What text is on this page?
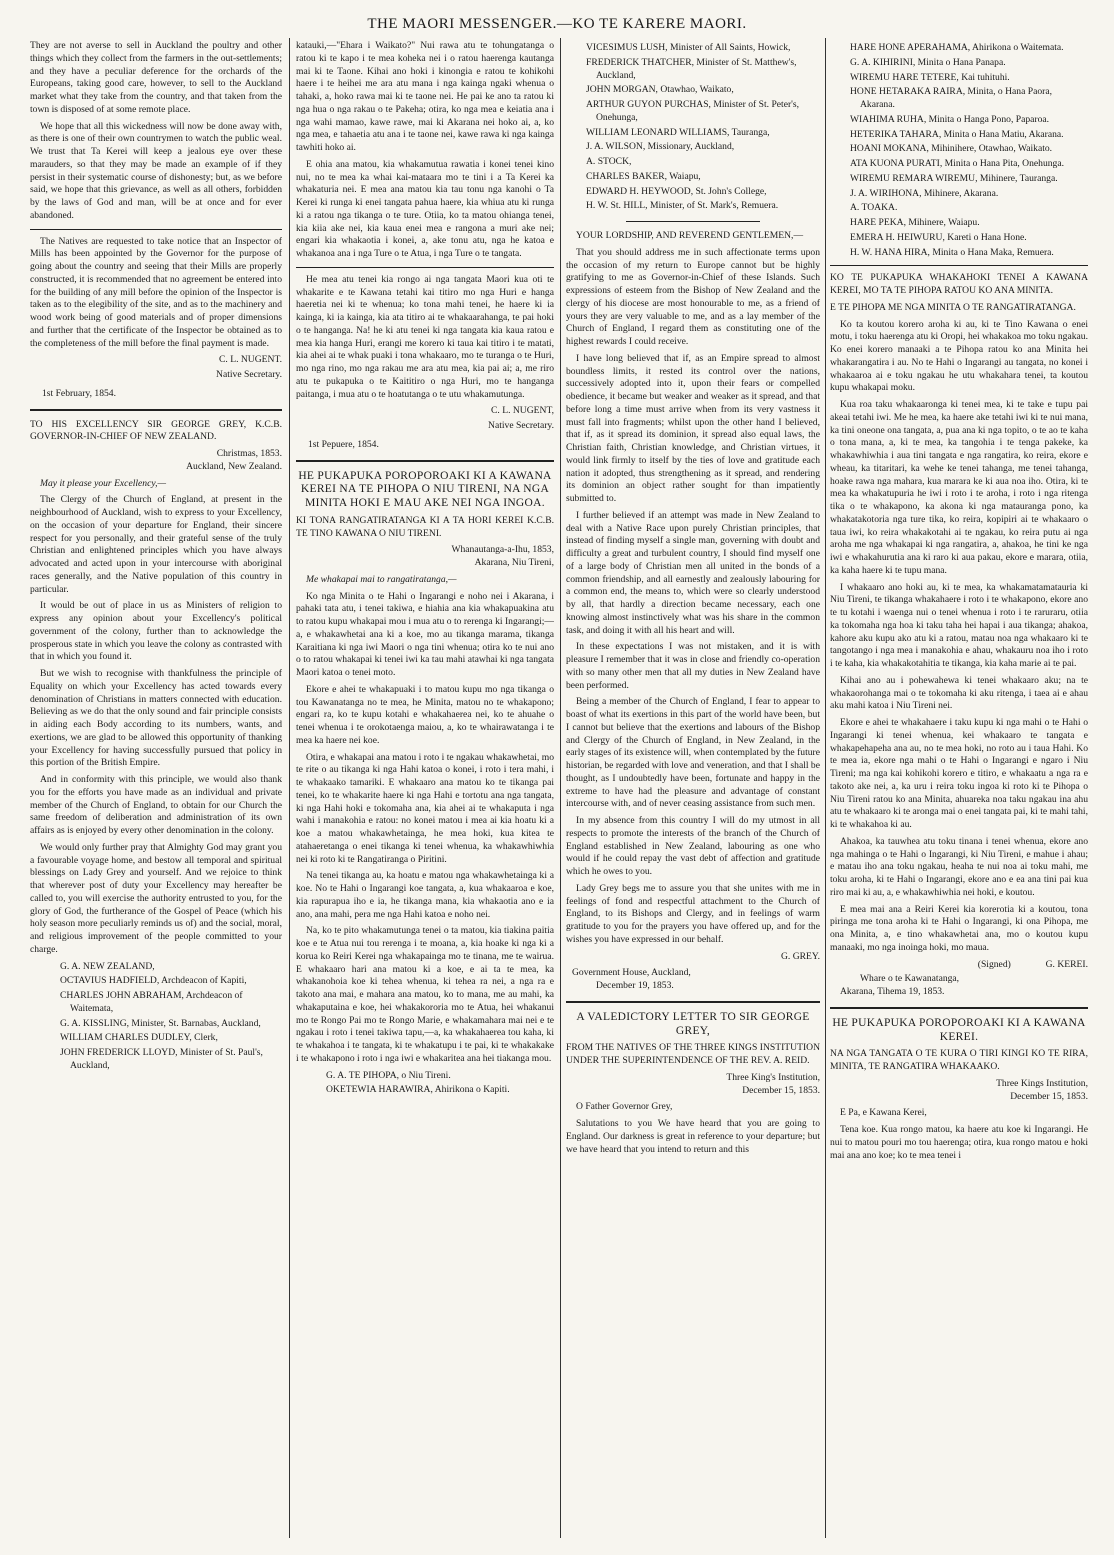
THE MAORI MESSENGER.—KO TE KARERE MAORI.

They are not averse to sell in Auckland the poultry and other things which they collect from the farmers in the out-settlements; and they have a peculiar deference for the orchards of the Europeans, taking good care, however, to sell to the Auckland market what they take from the country, and that taken from the town is disposed of at some remote place.

We hope that all this wickedness will now be done away with, as there is one of their own countrymen to watch the public weal. We trust that Ta Kerei will keep a jealous eye over these marauders, so that they may be made an example of if they persist in their systematic course of dishonesty; but, as we before said, we hope that this grievance, as well as all others, forbidden by the laws of God and man, will be at once and for ever abandoned.

The Natives are requested to take notice that an Inspector of Mills has been appointed by the Governor for the purpose of going about the country and seeing that their Mills are properly constructed, it is recommended that no agreement be entered into for the building of any mill before the opinion of the Inspector is taken as to the elegibility of the site, and as to the machinery and wood work being of good materials and of proper dimensions and further that the certificate of the Inspector be obtained as to the completeness of the mill before the final payment is made.

C. L. NUGENT.
Native Secretary.
1st February, 1854.

TO HIS EXCELLENCY SIR GEORGE GREY, K.C.B. GOVERNOR-IN-CHIEF OF NEW ZEALAND.

Christmas, 1853.
Auckland, New Zealand.

May it please your Excellency,—

The Clergy of the Church of England, at present in the neighbourhood of Auckland, wish to express to your Excellency, on the occasion of your departure for England, their sincere respect for you personally, and their grateful sense of the truly Christian and enlightened principles which you have always advocated and acted upon in your intercourse with aboriginal races generally, and the Native population of this country in particular.

It would be out of place in us as Ministers of religion to express any opinion about your Excellency's political government of the colony, further than to acknowledge the prosperous state in which you leave the colony as contrasted with that in which you found it.

But we wish to recognise with thankfulness the principle of Equality on which your Excellency has acted towards every denomination of Christians in matters connected with education. Believing as we do that the only sound and fair principle consists in aiding each Body according to its numbers, wants, and exertions, we are glad to be allowed this opportunity of thanking your Excellency for having successfully pursued that policy in this portion of the British Empire.

And in conformity with this principle, we would also thank you for the efforts you have made as an individual and private member of the Church of England, to obtain for our Church the same freedom of deliberation and administration of its own affairs as is enjoyed by every other denomination in the colony.

We would only further pray that Almighty God may grant you a favourable voyage home, and bestow all temporal and spiritual blessings on Lady Grey and yourself. And we rejoice to think that wherever post of duty your Excellency may hereafter be called to, you will exercise the authority entrusted to you, for the glory of God, the furtherance of the Gospel of Peace (which his holy season more peculiarly reminds us of) and the social, moral, and religious improvement of the people committed to your charge.

G. A. NEW ZEALAND,
OCTAVIUS HADFIELD, Archdeacon of Kapiti,
CHARLES JOHN ABRAHAM, Archdeacon of Waitemata,
G. A. KISSLING, Minister, St. Barnabas, Auckland,
WILLIAM CHARLES DUDLEY, Clerk,
JOHN FREDERICK LLOYD, Minister of St. Paul's, Auckland,

katauki,—"Ehara i Waikato?" Nui rawa atu te tohungatanga o ratou ki te kapo i te mea koheka nei i o ratou haerenga kautanga mai ki te Taone. Kihai ano hoki i kinongia e ratou te kohikohi haere i te heihei me ara atu mana i nga kainga ngaki whenua o tahaki, a, hoko rawa mai ki te taone nei. He pai ke ano ta ratou ki nga hua o nga rakau o te Pakeha; otira, ko nga mea e keiatia ana i nga wahi mamao, kawe rawe, mai ki Akarana nei hoko ai, a, ko nga mea, e tahaetia atu ana i te taone nei, kawe rawa ki nga kainga tawhiti hoko ai.

E ohia ana matou, kia whakamutua rawatia i konei tenei kino nui, no te mea ka whai kai-mataara mo te tini i a Ta Kerei ka whakaturia nei. E mea ana matou kia tau tonu nga kanohi o Ta Kerei ki runga ki enei tangata pahua haere, kia whiua atu ki runga ki a ratou nga tikanga o te ture. Otiia, ko ta matou ohianga tenei, kia kiia ake nei, kia kaua enei mea e rangona a muri ake nei; engari kia whakaotia i konei, a, ake tonu atu, nga he katoa e whakanoa ana i nga Ture o te Atua, i nga Ture o te tangata.

He mea atu tenei kia rongo ai nga tangata Maori kua oti te whakarite e te Kawana tetahi kai titiro mo nga Huri e hanga haeretia nei ki te whenua; ko tona mahi tenei, he haere ki ia kainga, ki ia kainga, kia ata titiro ai te whakaarahanga, te pai hoki o te hanganga. Na! he ki atu tenei ki nga tangata kia kaua ratou e mea kia hanga Huri, erangi me korero ki taua kai titiro i te matati, kia ahei ai te whak puaki i tona whakaaro, mo te turanga o te Huri, mo nga rino, mo nga rakau me ara atu mea, kia pai ai; a, me riro atu te pukapuka o te Kaititiro o nga Huri, mo te hanganga paitanga, i mua atu o te hoatutanga o te utu whakamutunga.

C. L. NUGENT,
Native Secretary.
1st Pepuere, 1854.
HE PUKAPUKA POROPOROAKI KI A KAWANA KEREI NA TE PIHOPA O NIU TIRENI, NA NGA MINITA HOKI E MAU AKE NEI NGA INGOA.

KI TONA RANGATIRATANGA KI A TA HORI KEREI K.C.B. TE TINO KAWANA O NIU TIRENI.

Whanautanga-a-Ihu, 1853,
Akarana, Niu Tireni,

Me whakapai mai to rangatiratanga,—

Ko nga Minita o te Hahi o Ingarangi e noho nei i Akarana, i pahaki tata atu, i tenei takiwa, e hiahia ana kia whakapuakina atu to ratou kupu whakapai mou i mua atu o to rerenga ki Ingarangi;—a, e whakawhetai ana ki a koe, mo au tikanga marama, tikanga Karaitiana ki nga iwi Maori o nga tini whenua; otira ko te nui ano o to ratou whakapai ki tenei iwi ka tau mahi atawhai ki nga tangata Maori katoa o tenei moto.

Ekore e ahei te whakapuaki i to matou kupu mo nga tikanga o tou Kawanatanga no te mea, he Minita, matou no te whakapono; engari ra, ko te kupu kotahi e whakahaerea nei, ko te ahuahe o tenei whenua i te orokotaenga maiou, a, ko te whairawatanga i te mea ka haere nei koe.

Otira, e whakapai ana matou i roto i te ngakau whakawhetai, mo te rite o au tikanga ki nga Hahi katoa o konei, i roto i tera mahi, i te whakaako tamariki. E whakaaro ana matou ko te tikanga pai tenei, ko te whakarite haere ki nga Hahi e tortotu ana nga tangata, ki nga Hahi hoki e tokomaha ana, kia ahei ai te whakaputa i nga wahi i manakohia e ratou: no konei matou i mea ai kia hoatu ki a koe a matou whakawhetainga, he mea hoki, kua kitea te atahaeretanga o enei tikanga ki tenei whenua, ka whakawhiwhia nei ki roto ki te Rangatiranga o Piritini.

Na tenei tikanga au, ka hoatu e matou nga whakawhetainga ki a koe. No te Hahi o Ingarangi koe tangata, a, kua whakaaroa e koe, kia rapurapua iho e ia, he tikanga mana, kia whakaotia ano e ia ano, ana mahi, pera me nga Hahi katoa e noho nei.

Na, ko te pito whakamutunga tenei o ta matou, kia tiakina paitia koe e te Atua nui tou rerenga i te moana, a, kia hoake ki nga ki a korua ko Reiri Kerei nga whakapainga mo te tinana, me te wairua. E whakaaro hari ana matou ki a koe, e ai ta te mea, ka whakanohoia koe ki tehea whenua, ki tehea ra nei, a nga ra e takoto ana mai, e mahara ana matou, ko to mana, me au mahi, ka whakaputaina e koe, hei whakakororia mo te Atua, hei whakanui mo te Rongo Pai mo te Rongo Marie, e whakamahara mai nei e te ngakau i roto i tenei takiwa tapu,—a, ka whakahaerea tou kaha, ki te whakahoa i te tangata, ki te whakatupu i te pai, ki te whakakake i te whakapono i roto i nga iwi e whakaritea ana hei tiakanga mou.

G. A. TE PIHOPA, o Niu Tireni.
OKETEWIA HARAWIRA, Ahirikona o Kapiti.
VICESIMUS LUSH, Minister of All Saints, Howick,
FREDERICK THATCHER, Minister of St. Matthew's, Auckland,
JOHN MORGAN, Otawhao, Waikato,
ARTHUR GUYON PURCHAS, Minister of St. Peter's, Onehunga,
WILLIAM LEONARD WILLIAMS, Tauranga,
J. A. WILSON, Missionary, Auckland,
A. STOCK,
CHARLES BAKER, Waiapu,
EDWARD H. HEYWOOD, St. John's College,
H. W. St. HILL, Minister, of St. Mark's, Remuera.

YOUR LORDSHIP, AND REVEREND GENTLEMEN,—

That you should address me in such affectionate terms upon the occasion of my return to Europe cannot but be highly gratifying to me as Governor-in-Chief of these Islands. Such expressions of esteem from the Bishop of New Zealand and the clergy of his diocese are most honourable to me, as a friend of yours they are very valuable to me, and as a lay member of the Church of England, I regard them as constituting one of the highest rewards I could receive.

I have long believed that if, as an Empire spread to almost boundless limits, it rested its control over the nations, successively adopted into it, upon their fears or compelled obedience, it became but weaker and weaker as it spread, and that before long a time must arrive when from its very vastness it must fall into fragments; whilst upon the other hand I believed, that if, as it spread its dominion, it spread also equal laws, the Christian faith, Christian knowledge, and Christian virtues, it would link firmly to itself by the ties of love and gratitude each nation it adopted, thus strengthening as it spread, and rendering its dominion an object rather sought for than impatiently submitted to.

I further believed if an attempt was made in New Zealand to deal with a Native Race upon purely Christian principles, that instead of finding myself a single man, governing with doubt and difficulty a great and turbulent country, I should find myself one of a large body of Christian men all united in the bonds of a common friendship, and all earnestly and zealously labouring for a common end, the means to, which were so clearly understood by all, that hardly a direction became necessary, each one knowing almost instinctively what was his share in the common task, and doing it with all his heart and will.

In these expectations I was not mistaken, and it is with pleasure I remember that it was in close and friendly co-operation with so many other men that all my duties in New Zealand have been performed.

Being a member of the Church of England, I fear to appear to boast of what its exertions in this part of the world have been, but I cannot but believe that the exertions and labours of the Bishop and Clergy of the Church of England, in New Zealand, in the early stages of its existence will, when contemplated by the future historian, be regarded with love and veneration, and that I shall be thought, as I undoubtedly have been, fortunate and happy in the extreme to have had the pleasure and advantage of constant intercourse with, and of never ceasing assistance from such men.

In my absence from this country I will do my utmost in all respects to promote the interests of the branch of the Church of England established in New Zealand, labouring as one who would if he could repay the vast debt of affection and gratitude which he owes to you.

Lady Grey begs me to assure you that she unites with me in feelings of fond and respectful attachment to the Church of England, to its Bishops and Clergy, and in feelings of warm gratitude to you for the prayers you have offered up, and for the wishes you have expressed in our behalf.

G. GREY.
Government House, Auckland,
December 19, 1853.
A VALEDICTORY LETTER TO SIR GEORGE GREY,

FROM THE NATIVES OF THE THREE KINGS INSTITUTION UNDER THE SUPERINTENDENCE OF THE REV. A. REID.

Three King's Institution,
December 15, 1853.

O Father Governor Grey,

Salutations to you We have heard that you are going to England. Our darkness is great in reference to your departure; but we have heard that you intend to return and this

HARE HONE APERAHAMA, Ahirikona o Waitemata.
G. A. KIHIRINI, Minita o Hana Panapa.
WIREMU HARE TETERE, Kai tuhituhi.
HONE HETARAKA RAIRA, Minita, o Hana Paora, Akarana.
WIAHIMA RUHA, Minita o Hanga Pono, Paparoa.
HETERIKA TAHARA, Minita o Hana Matiu, Akarana.
HOANI MOKANA, Mihinihere, Otawhao, Waikato.
ATA KUONA PURATI, Minita o Hana Pita, Onehunga.
WIREMU REMARA WIREMU, Mihinere, Tauranga.
J. A. WIRIHONA, Mihinere, Akarana.
A. TOAKA.
HARE PEKA, Mihinere, Waiapu.
EMERA H. HEIWURU, Kareti o Hana Hone.
H. W. HANA HIRA, Minita o Hana Maka, Remuera.

KO TE PUKAPUKA WHAKAHOKI TENEI A KAWANA KEREI, MO TA TE PIHOPA RATOU KO ANA MINITA.

E TE PIHOPA ME NGA MINITA O TE RANGATIRATANGA.

Ko ta koutou korero aroha ki au, ki te Tino Kawana o enei motu, i toku haerenga atu ki Oropi, hei whakakoa mo toku ngakau. Ko enei korero manaaki a te Pihopa ratou ko ana Minita hei whakarangatira i au. No te Hahi o Ingarangi au tangata, no konei i whakaaroa ai e toku ngakau he utu whakahara tenei, ta koutou kupu whakapai moku.

Kua roa taku whakaaronga ki tenei mea, ki te take e tupu pai akeai tetahi iwi. Me he mea, ka haere ake tetahi iwi ki te nui mana, ka tini oneone ona tangata, a, pua ana ki nga topito, o te ao te kaha o tona mana, a, ki te mea, ka tangohia i te tenga pakeke, ka whakawhiwhia i aua tini tangata e nga rangatira, ko reira, ekore e wheau, ka titaritari, ka wehe ke tenei tahanga, me tenei tahanga, hoake rawa nga mahara, kua marara ke ki aua noa iho. Otira, ki te mea ka whakatupuria he iwi i roto i te aroha, i roto i nga ritenga tika o te whakapono, ka akona ki nga matauranga pono, ka whakatakotoria nga ture tika, ko reira, kopipiri ai te whakaaro o taua iwi, ko reira whakakotahi ai te ngakau, ko reira putu ai nga aroha me nga whakapai ki nga rangatira, a, ahakoa, he tini ke nga iwi e whakahurutia ana ki raro ki aua pakau, ekore e marara, otiia, ka kaha haere ki te tupu mana.

I whakaaro ano hoki au, ki te mea, ka whakamatamatauria ki Niu Tireni, te tikanga whakahaere i roto i te whakapono, ekore ano te tu kotahi i waenga nui o tenei whenua i roto i te raruraru, otiia ka tokomaha nga hoa ki taku taha hei hapai i aua tikanga; ahakoa, kahore aku kupu ako atu ki a ratou, matau noa nga whakaaro ki te tangotango i nga mea i manakohia e ahau, whakauru noa iho i roto i te kaha, kia whakakotahitia te tikanga, kia kaha marie ai te pai.

Kihai ano au i pohewahewa ki tenei whakaaro aku; na te whakaorohanga mai o te tokomaha ki aku ritenga, i taea ai e ahau aku mahi katoa i Niu Tireni nei.

Ekore e ahei te whakahaere i taku kupu ki nga mahi o te Hahi o Ingarangi ki tenei whenua, kei whakaaro te tangata e whakapehapeha ana au, no te mea hoki, no roto au i taua Hahi. Ko te mea ia, ekore nga mahi o te Hahi o Ingarangi e ngaro i Niu Tireni; ma nga kai kohikohi korero e titiro, e whakaatu a nga ra e takoto ake nei, a, ka uru i reira toku ingoa ki roto ki te Pihopa o Niu Tireni ratou ko ana Minita, ahuareka noa taku ngakau ina ahu atu te whakaaro ki te aronga mai o enei tangata pai, ki te mahi tahi, ki te whakahoa ki au.

Ahakoa, ka tauwhea atu toku tinana i tenei whenua, ekore ano nga mahinga o te Hahi o Ingarangi, ki Niu Tireni, e mahue i ahau; e matau iho ana toku ngakau, heaha te nui noa ai toku mahi, me toku aroha, ki te Hahi o Ingarangi, ekore ano e ea ana tini pai kua riro mai ki au, a, e whakawhiwhia nei hoki, e koutou.

E mea mai ana a Reiri Kerei kia korerotia ki a koutou, tona piringa me tona aroha ki te Hahi o Ingarangi, ki ona Pihopa, me ona Minita, a, e tino whakawhetai ana, mo o koutou kupu manaaki, mo nga inoinga hoki, mo maua.

(Signed)	G. KEREI.
Whare o te Kawanatanga,
Akarana, Tihema 19, 1853.
HE PUKAPUKA POROPOROAKI KI A KAWANA KEREI.

NA NGA TANGATA O TE KURA O TIRI KINGI KO TE RIRA, MINITA, TE RANGATIRA WHAKAAKO.

Three Kings Institution,
December 15, 1853.

E Pa, e Kawana Kerei,

Tena koe. Kua rongo matou, ka haere atu koe ki Ingarangi. He nui to matou pouri mo tou haerenga; otira, kua rongo matou e hoki mai ana ano koe; ko te mea tenei i
